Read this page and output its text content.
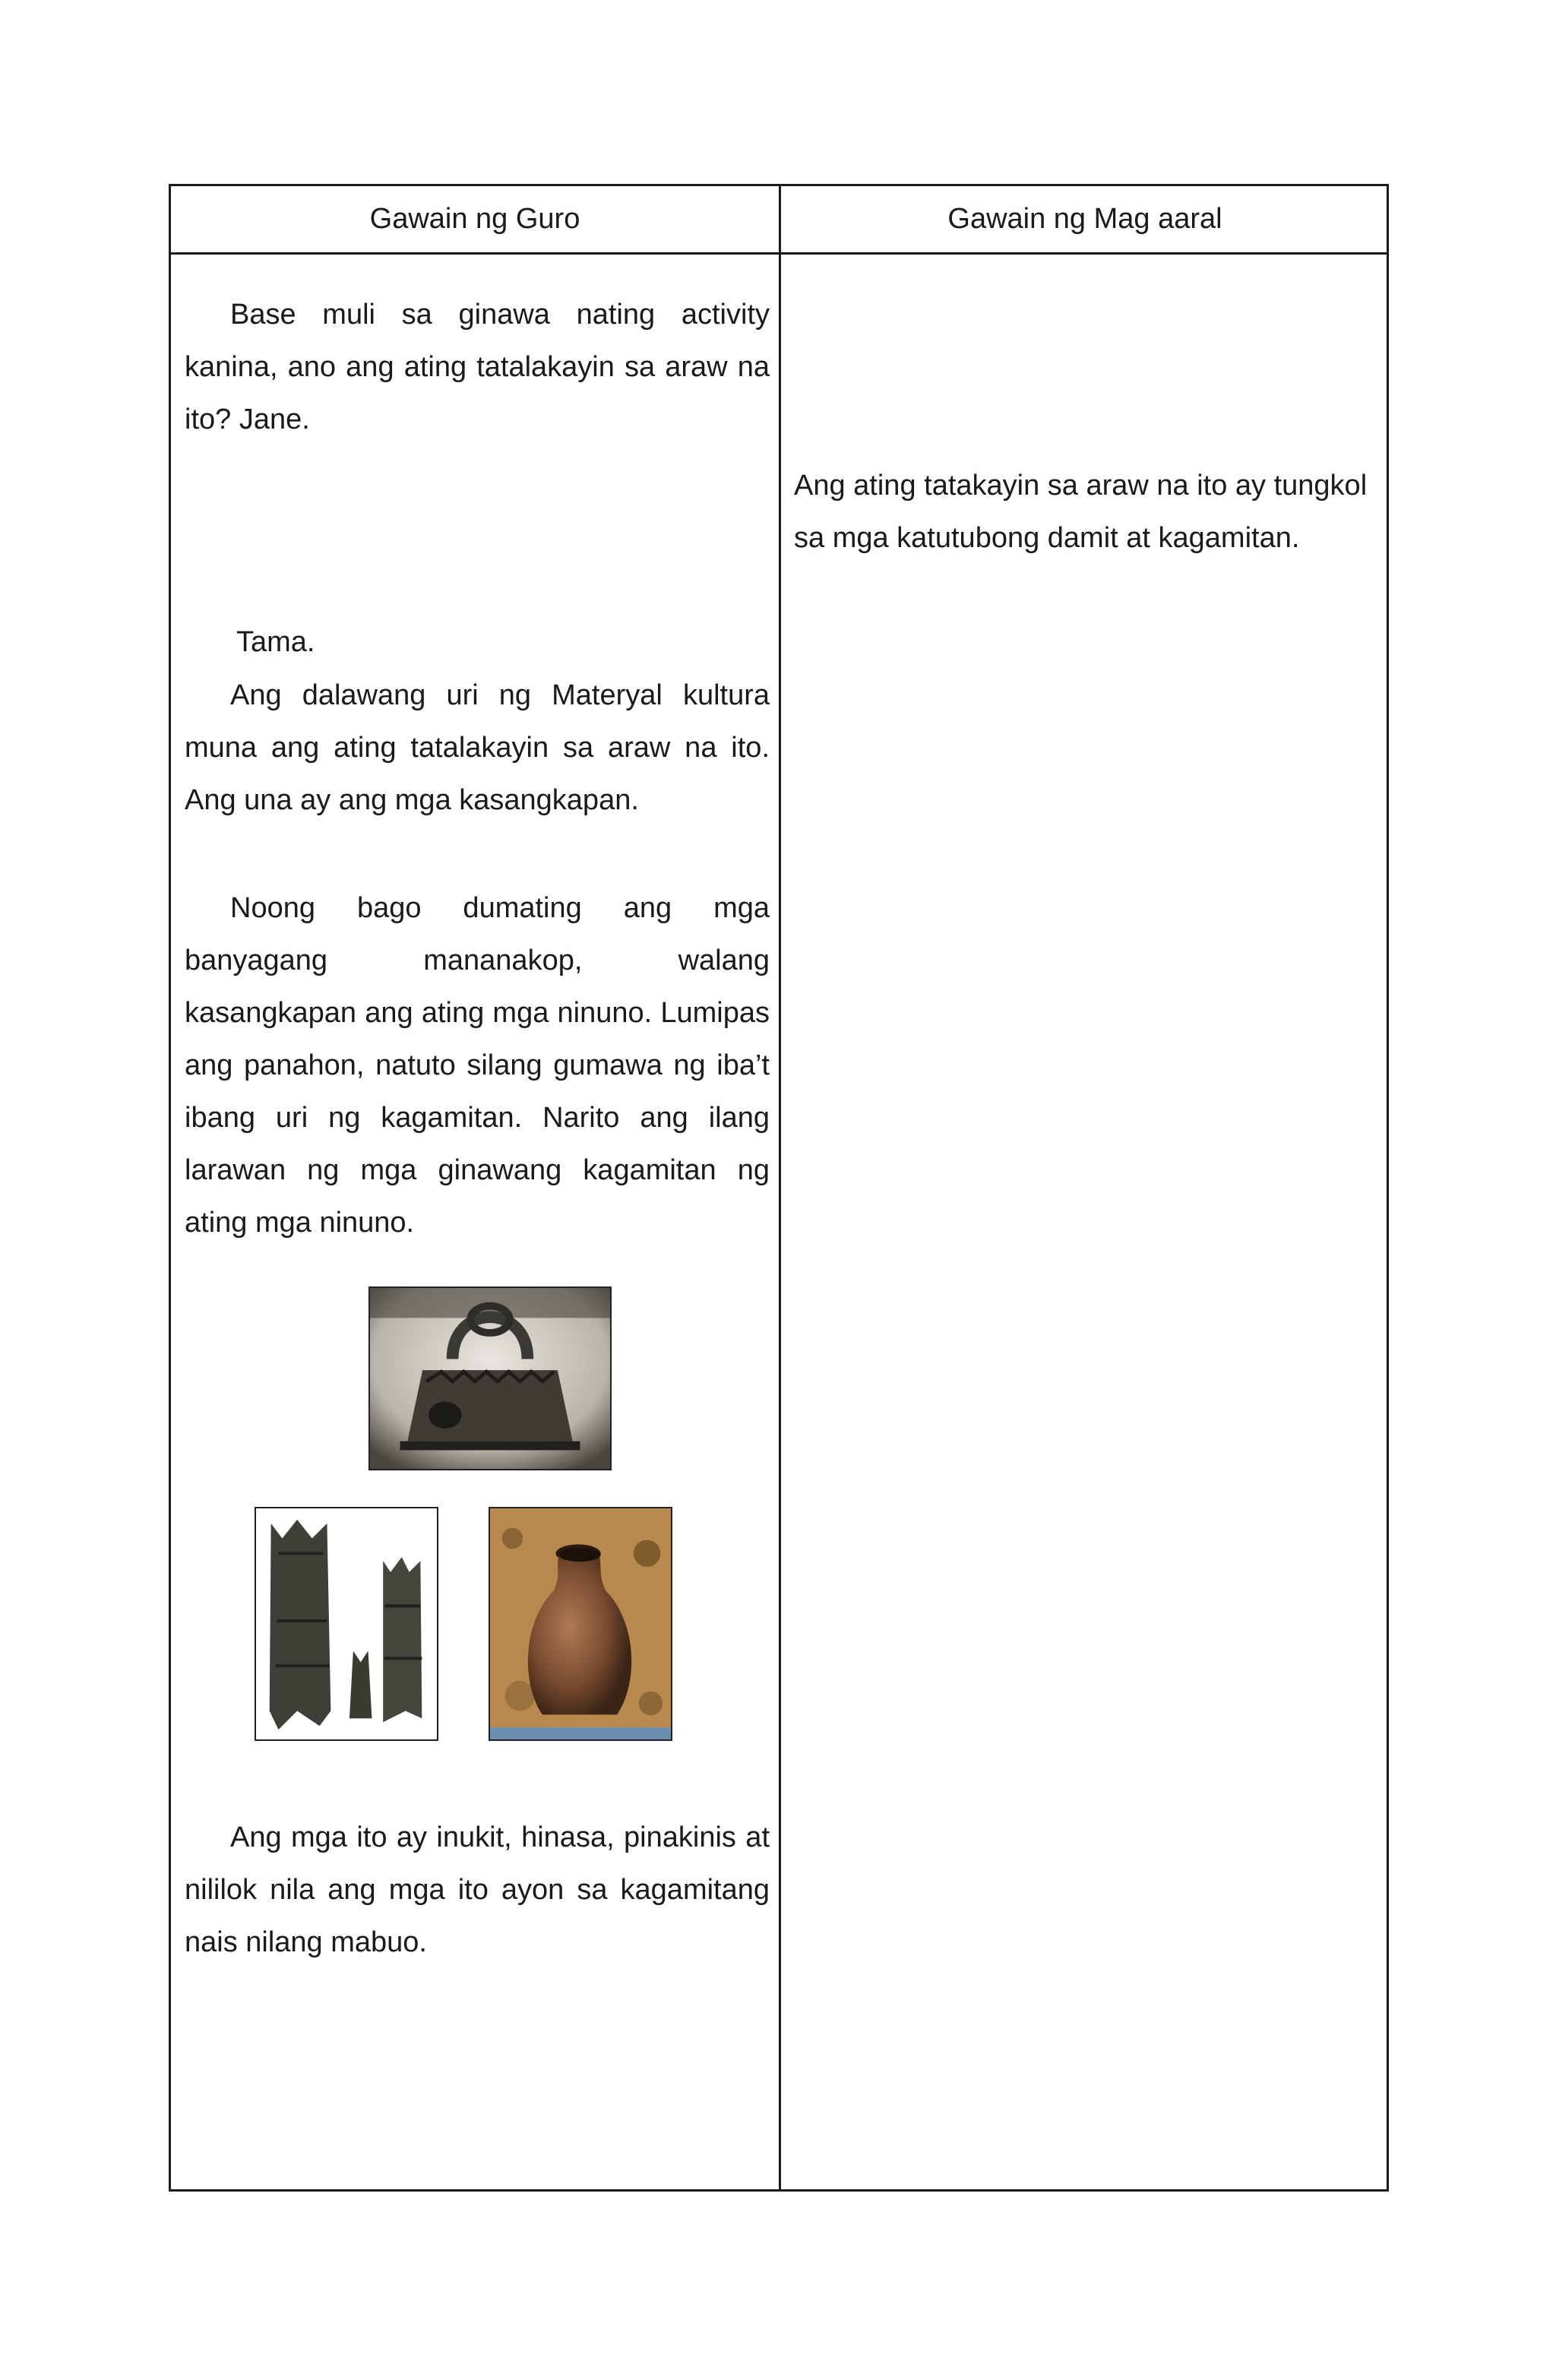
Gawain ng Guro	Gawain ng Mag aaral

Base muli sa ginawa nating activity kanina, ano ang ating tatalakayin sa araw na ito? Jane.

Tama.

Ang dalawang uri ng Materyal kultura muna ang ating tatalakayin sa araw na ito. Ang una ay ang mga kasangkapan.

Noong bago dumating ang mga banyagang mananakop, walang kasangkapan ang ating mga ninuno. Lumipas ang panahon, natuto silang gumawa ng iba’t ibang uri ng kagamitan. Narito ang ilang larawan ng mga ginawang kagamitan ng ating mga ninuno.

Ang mga ito ay inukit, hinasa, pinakinis at nililok nila ang mga ito ayon sa kagamitang nais nilang mabuo.

Ang ating tatakayin sa araw na ito ay tungkol sa mga katutubong damit at kagamitan.
